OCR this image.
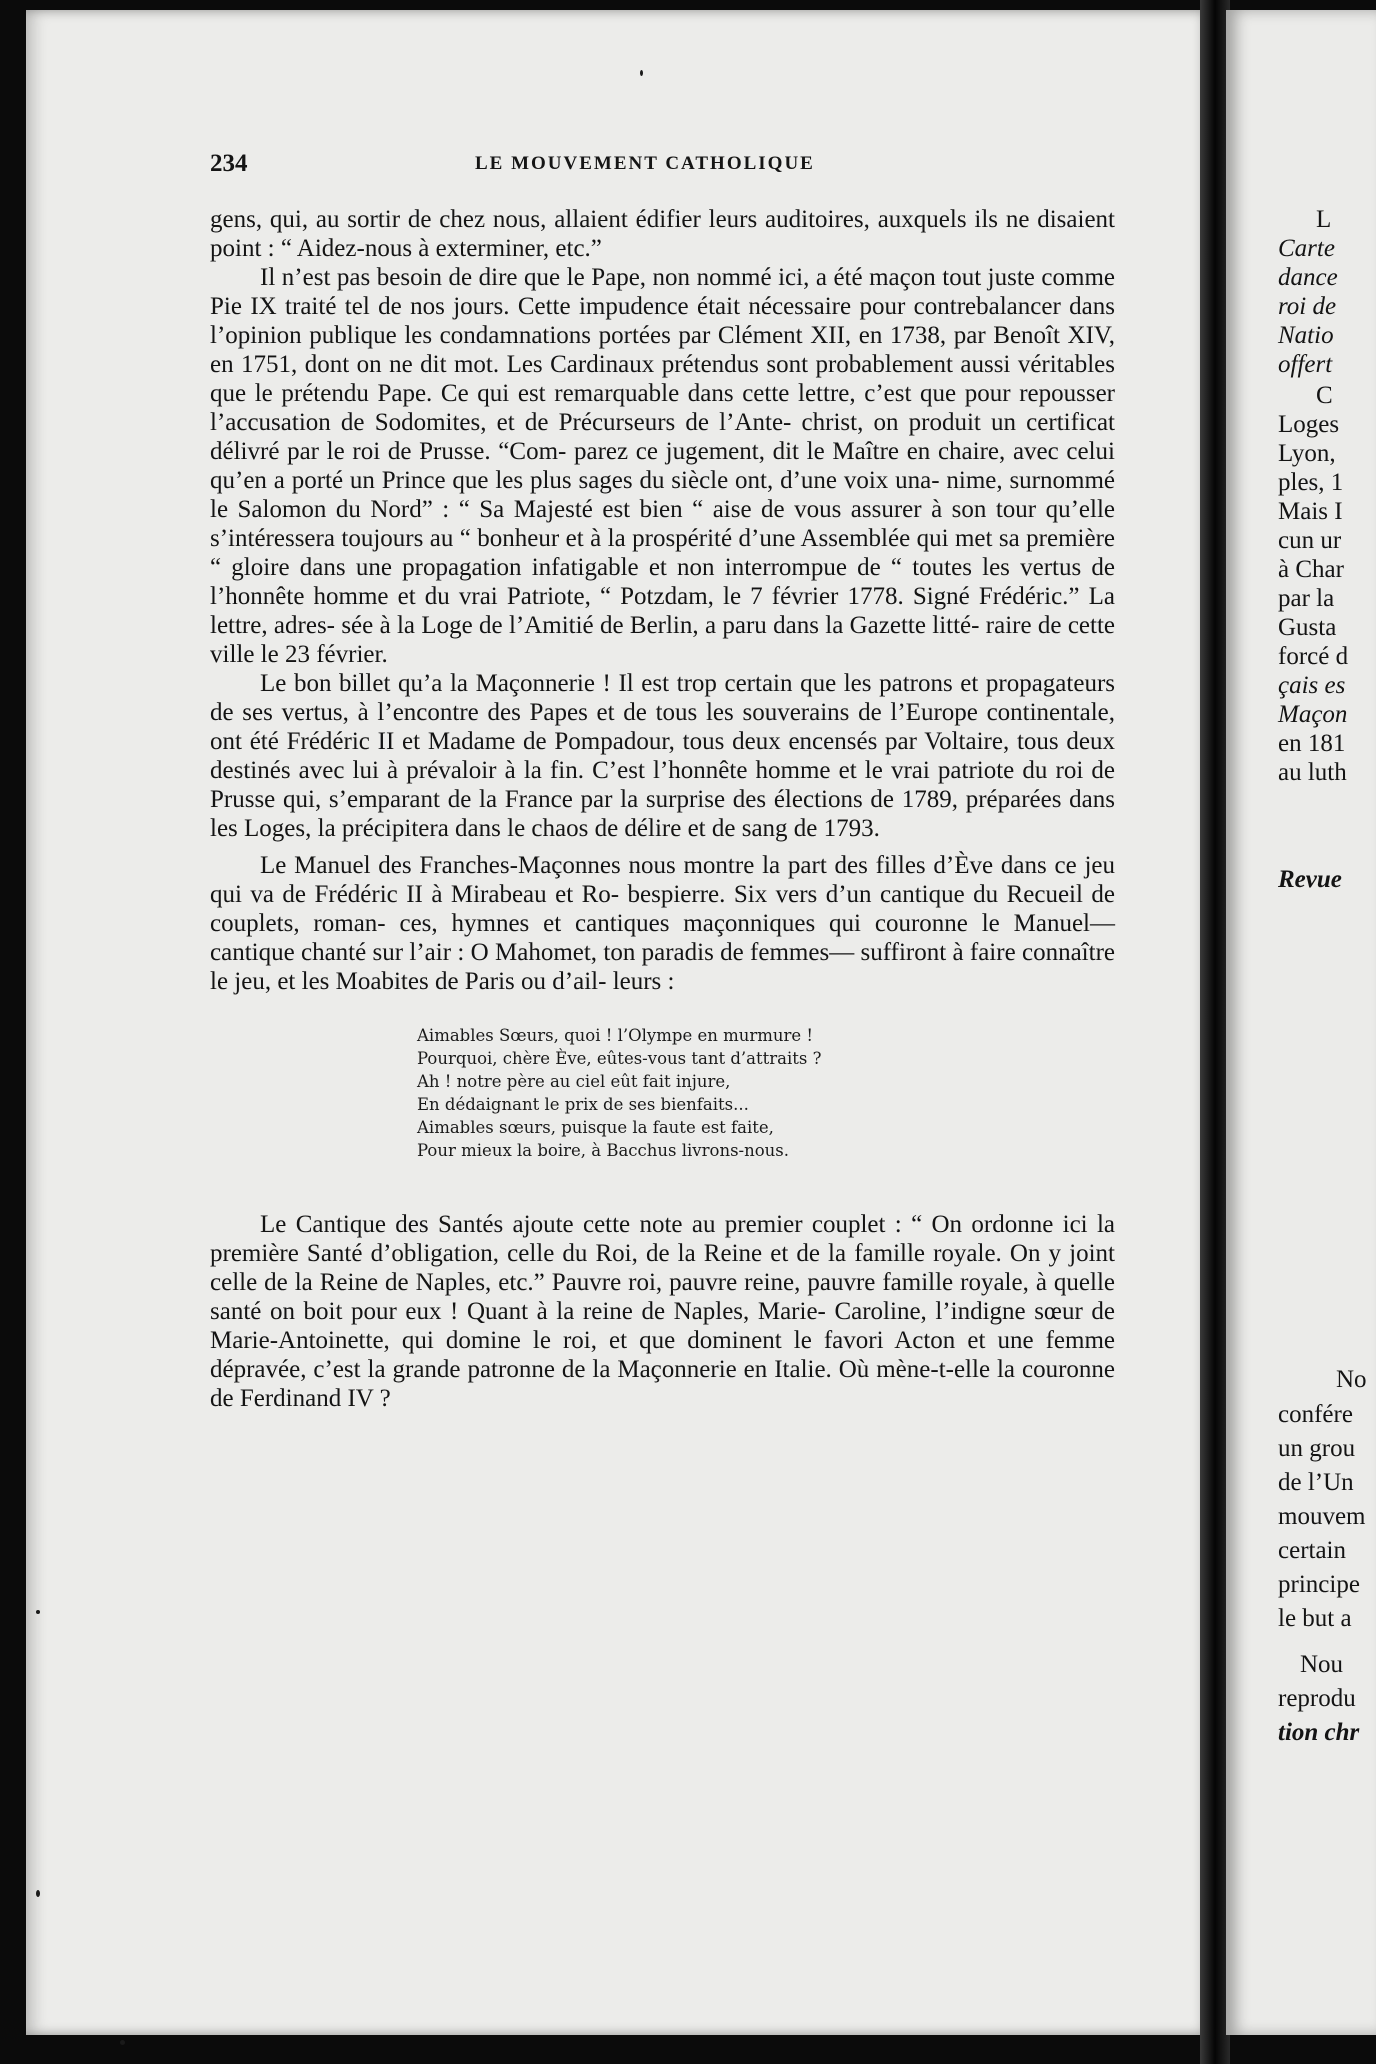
234	LE MOUVEMENT CATHOLIQUE

gens, qui, au sortir de chez nous, allaient édifier leurs auditoires, auxquels ils ne disaient point : “ Aidez-nous à exterminer, etc.”

Il n’est pas besoin de dire que le Pape, non nommé ici, a été maçon tout juste comme Pie IX traité tel de nos jours. Cette impudence était nécessaire pour contrebalancer dans l’opinion publique les condamnations portées par Clément XII, en 1738, par Benoît XIV, en 1751, dont on ne dit mot. Les Cardinaux prétendus sont probablement aussi véritables que le prétendu Pape. Ce qui est remarquable dans cette lettre, c’est que pour repousser l’accusation de Sodomites, et de Précurseurs de l’Ante- christ, on produit un certificat délivré par le roi de Prusse. “Com- parez ce jugement, dit le Maître en chaire, avec celui qu’en a porté un Prince que les plus sages du siècle ont, d’une voix una- nime, surnommé le Salomon du Nord” : “ Sa Majesté est bien “ aise de vous assurer à son tour qu’elle s’intéressera toujours au “ bonheur et à la prospérité d’une Assemblée qui met sa première “ gloire dans une propagation infatigable et non interrompue de “ toutes les vertus de l’honnête homme et du vrai Patriote, “ Potzdam, le 7 février 1778. Signé Frédéric.” La lettre, adres- sée à la Loge de l’Amitié de Berlin, a paru dans la Gazette litté- raire de cette ville le 23 février.

Le bon billet qu’a la Maçonnerie ! Il est trop certain que les patrons et propagateurs de ses vertus, à l’encontre des Papes et de tous les souverains de l’Europe continentale, ont été Frédéric II et Madame de Pompadour, tous deux encensés par Voltaire, tous deux destinés avec lui à prévaloir à la fin. C’est l’honnête homme et le vrai patriote du roi de Prusse qui, s’emparant de la France par la surprise des élections de 1789, préparées dans les Loges, la précipitera dans le chaos de délire et de sang de 1793.

Le Manuel des Franches-Maçonnes nous montre la part des filles d’Ève dans ce jeu qui va de Frédéric II à Mirabeau et Ro- bespierre. Six vers d’un cantique du Recueil de couplets, roman- ces, hymnes et cantiques maçonniques qui couronne le Manuel— cantique chanté sur l’air : O Mahomet, ton paradis de femmes— suffiront à faire connaître le jeu, et les Moabites de Paris ou d’ail- leurs :

Aimables Sœurs, quoi ! l’Olympe en murmure !
Pourquoi, chère Ève, eûtes-vous tant d’attraits ?
Ah ! notre père au ciel eût fait injure,
En dédaignant le prix de ses bienfaits...
Aimables sœurs, puisque la faute est faite,
Pour mieux la boire, à Bacchus livrons-nous.

Le Cantique des Santés ajoute cette note au premier couplet : “ On ordonne ici la première Santé d’obligation, celle du Roi, de la Reine et de la famille royale. On y joint celle de la Reine de Naples, etc.” Pauvre roi, pauvre reine, pauvre famille royale, à quelle santé on boit pour eux ! Quant à la reine de Naples, Marie- Caroline, l’indigne sœur de Marie-Antoinette, qui domine le roi, et que dominent le favori Acton et une femme dépravée, c’est la grande patronne de la Maçonnerie en Italie. Où mène-t-elle la couronne de Ferdinand IV ?

L
Carte
dance
roi de
Natio
offert
C
Loges
Lyon,
ples, 1
Mais I
cun ur
à Char
par la
Gusta
forcé d
çais es
Maçon
en 181
au luth
Revue
No
confére
un grou
de l’Un
mouvem
certain
principe
le but a
Nou
reprodu
tion chr
